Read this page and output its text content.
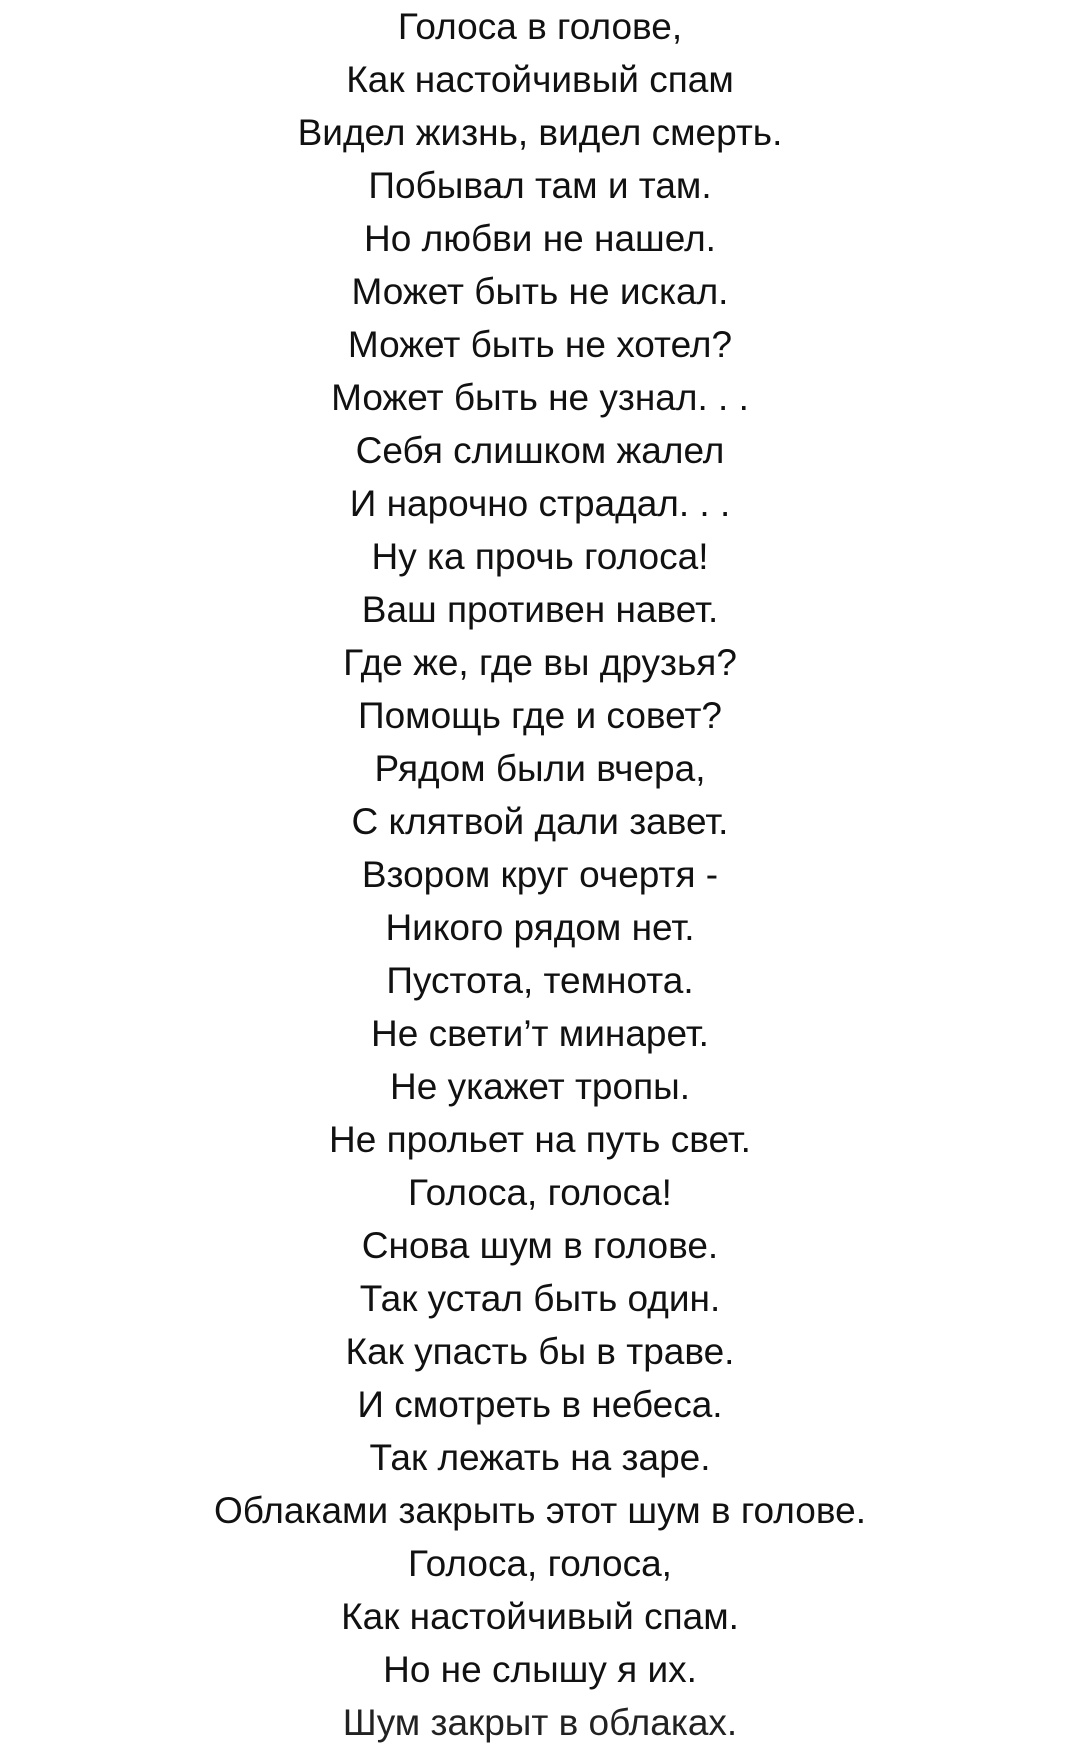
Голоса в голове,
Как настойчивый спам
Видел жизнь, видел смерть.
Побывал там и там.
Но любви не нашел.
Может быть не искал.
Может быть не хотел?
Может быть не узнал. . .
Себя слишком жалел
И нарочно страдал. . .
Ну ка прочь голоса!
Ваш противен навет.
Где же, где вы друзья?
Помощь где и совет?
Рядом были вчера,
С клятвой дали завет.
Взором круг очертя -
Никого рядом нет.
Пустота, темнота.
Не свети’т минарет.
Не укажет тропы.
Не прольет на путь свет.
Голоса, голоса!
Снова шум в голове.
Так устал быть один.
Как упасть бы в траве.
И смотреть в небеса.
Так лежать на заре.
Облаками закрыть этот шум в голове.
Голоса, голоса,
Как настойчивый спам.
Но не слышу я их.
Шум закрыт в облаках.
